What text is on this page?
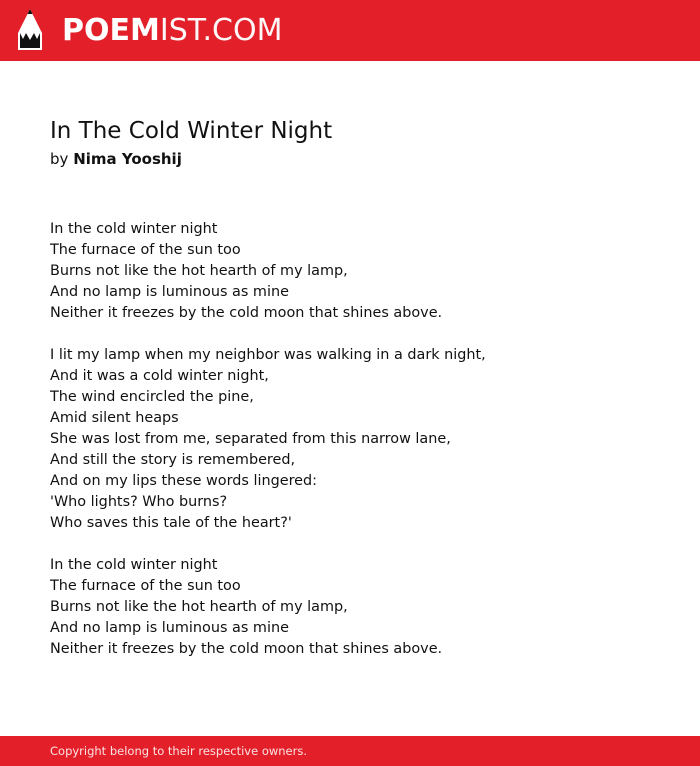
POEMIST.COM
In The Cold Winter Night
by Nima Yooshij
In the cold winter night
The furnace of the sun too
Burns not like the hot hearth of my lamp,
And no lamp is luminous as mine
Neither it freezes by the cold moon that shines above.
I lit my lamp when my neighbor was walking in a dark night,
And it was a cold winter night,
The wind encircled the pine,
Amid silent heaps
She was lost from me, separated from this narrow lane,
And still the story is remembered,
And on my lips these words lingered:
'Who lights? Who burns?
Who saves this tale of the heart?'
In the cold winter night
The furnace of the sun too
Burns not like the hot hearth of my lamp,
And no lamp is luminous as mine
Neither it freezes by the cold moon that shines above.
Copyright belong to their respective owners.
